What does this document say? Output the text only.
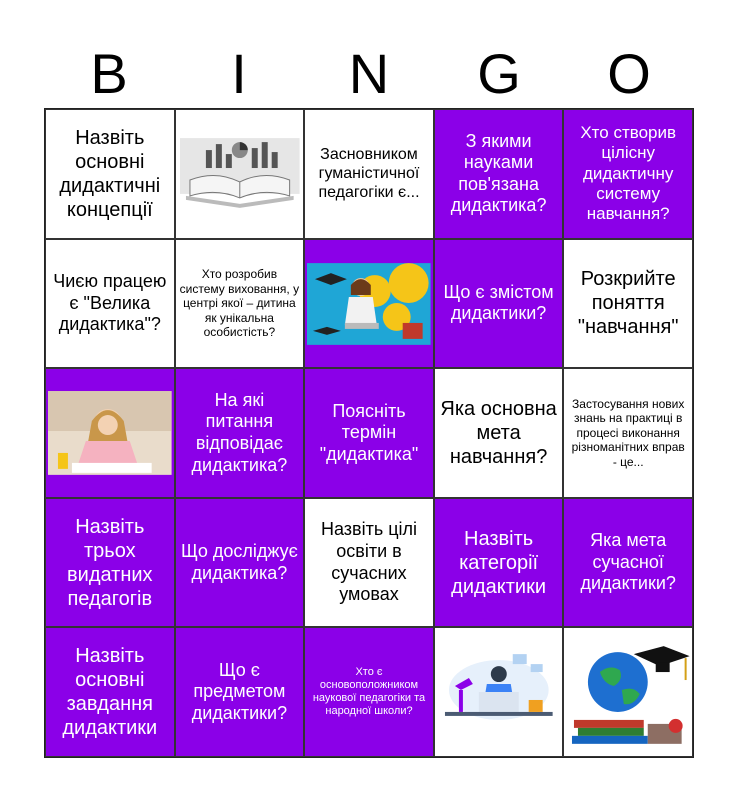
B	I	N	G	O
Назвіть основні дидактичні концепції
Засновником гуманістичної педагогіки є...
З якими науками пов'язана дидактика?
Хто створив цілісну дидактичну систему навчання?
Чиєю працею є "Велика дидактика"?
Хто розробив систему виховання, у центрі якої – дитина як унікальна особистість?
Що є змістом дидактики?
Розкрийте поняття "навчання"
На які питання відповідає дидактика?
Поясніть термін "дидактика"
Яка основна мета навчання?
Застосування нових знань на практиці в процесі виконання різноманітних вправ - це...
Назвіть трьох видатних педагогів
Що досліджує дидактика?
Назвіть цілі освіти в сучасних умовах
Назвіть категорії дидактики
Яка мета сучасної дидактики?
Назвіть основні завдання дидактики
Що є предметом дидактики?
Хто є основоположником наукової педагогіки та народної школи?
